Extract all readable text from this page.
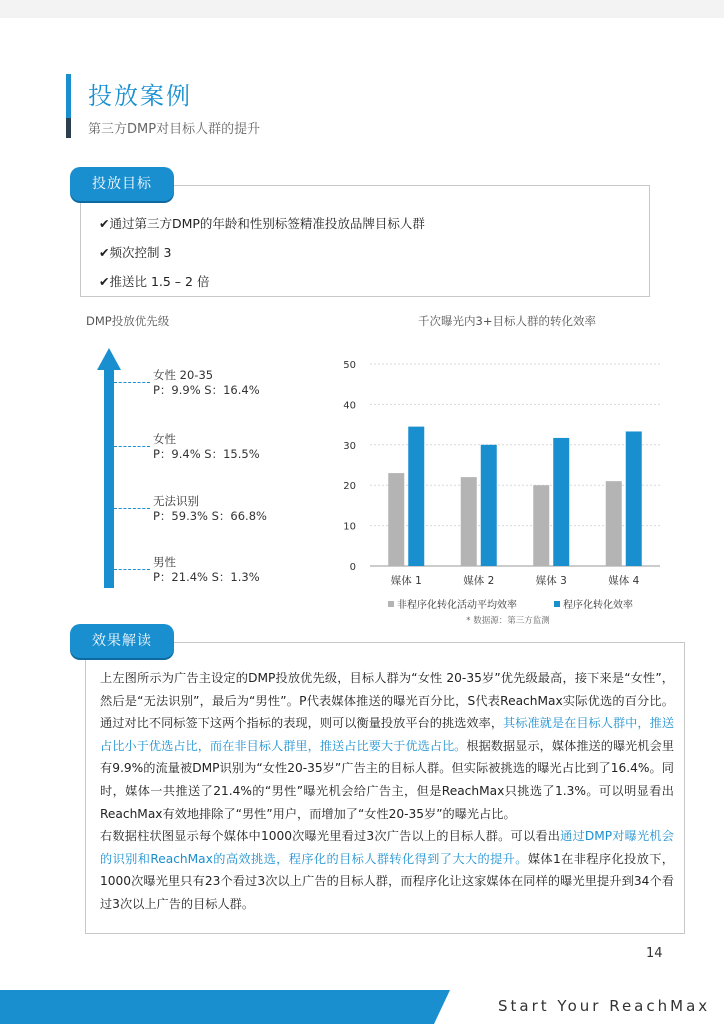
投放案例
第三方DMP对目标人群的提升
✔通过第三方DMP的年龄和性别标签精准投放品牌目标人群
✔频次控制 3
✔推送比 1.5 – 2 倍
投放目标
DMP投放优先级
女性 20-35
P：9.9% S：16.4%
女性
P：9.4% S：15.5%
无法识别
P：59.3% S：66.8%
男性
P：21.4% S：1.3%
千次曝光内3+目标人群的转化效率
0
10
20
30
40
50
媒体 1	媒体 2	媒体 3	媒体 4
非程序化转化活动平均效率	程序化转化效率
* 数据源：第三方监测
上左图所示为广告主设定的DMP投放优先级，目标人群为“女性 20-35岁”优先级最高，接下来是“女性”，然后是“无法识别”，最后为“男性”。P代表媒体推送的曝光百分比，S代表ReachMax实际优选的百分比。通过对比不同标签下这两个指标的表现，则可以衡量投放平台的挑选效率，其标准就是在目标人群中，推送占比小于优选占比，而在非目标人群里，推送占比要大于优选占比。根据数据显示，媒体推送的曝光机会里有9.9%的流量被DMP识别为“女性20-35岁”广告主的目标人群。但实际被挑选的曝光占比到了16.4%。同时，媒体一共推送了21.4%的“男性”曝光机会给广告主，但是ReachMax只挑选了1.3%。可以明显看出ReachMax有效地排除了“男性”用户，而增加了“女性20-35岁”的曝光占比。
右数据柱状图显示每个媒体中1000次曝光里看过3次广告以上的目标人群。可以看出通过DMP对曝光机会的识别和ReachMax的高效挑选，程序化的目标人群转化得到了大大的提升。媒体1在非程序化投放下，1000次曝光里只有23个看过3次以上广告的目标人群，而程序化让这家媒体在同样的曝光里提升到34个看过3次以上广告的目标人群。
效果解读
14
Start Your ReachMax
